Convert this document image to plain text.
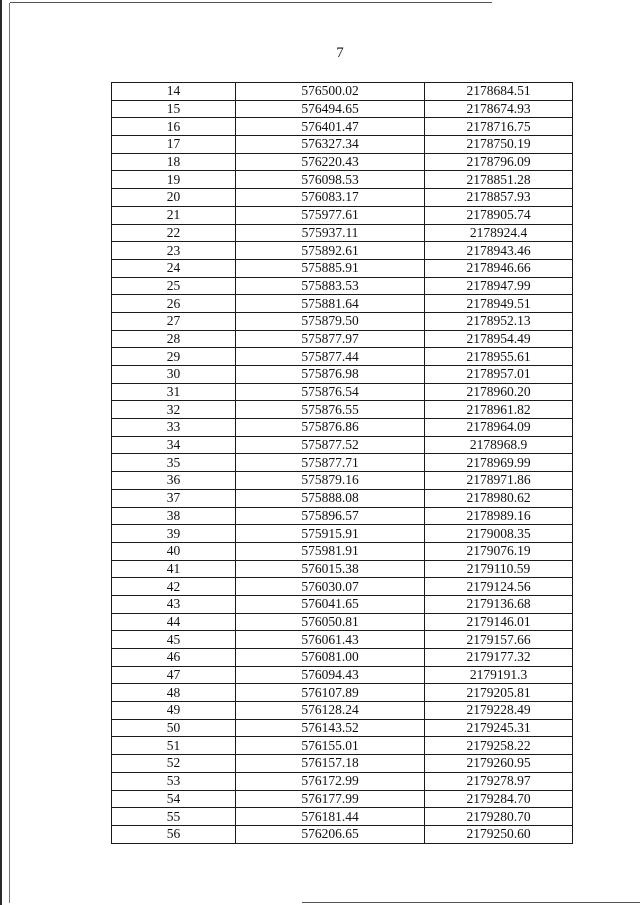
7
14	576500.02	2178684.51
15	576494.65	2178674.93
16	576401.47	2178716.75
17	576327.34	2178750.19
18	576220.43	2178796.09
19	576098.53	2178851.28
20	576083.17	2178857.93
21	575977.61	2178905.74
22	575937.11	2178924.4
23	575892.61	2178943.46
24	575885.91	2178946.66
25	575883.53	2178947.99
26	575881.64	2178949.51
27	575879.50	2178952.13
28	575877.97	2178954.49
29	575877.44	2178955.61
30	575876.98	2178957.01
31	575876.54	2178960.20
32	575876.55	2178961.82
33	575876.86	2178964.09
34	575877.52	2178968.9
35	575877.71	2178969.99
36	575879.16	2178971.86
37	575888.08	2178980.62
38	575896.57	2178989.16
39	575915.91	2179008.35
40	575981.91	2179076.19
41	576015.38	2179110.59
42	576030.07	2179124.56
43	576041.65	2179136.68
44	576050.81	2179146.01
45	576061.43	2179157.66
46	576081.00	2179177.32
47	576094.43	2179191.3
48	576107.89	2179205.81
49	576128.24	2179228.49
50	576143.52	2179245.31
51	576155.01	2179258.22
52	576157.18	2179260.95
53	576172.99	2179278.97
54	576177.99	2179284.70
55	576181.44	2179280.70
56	576206.65	2179250.60
